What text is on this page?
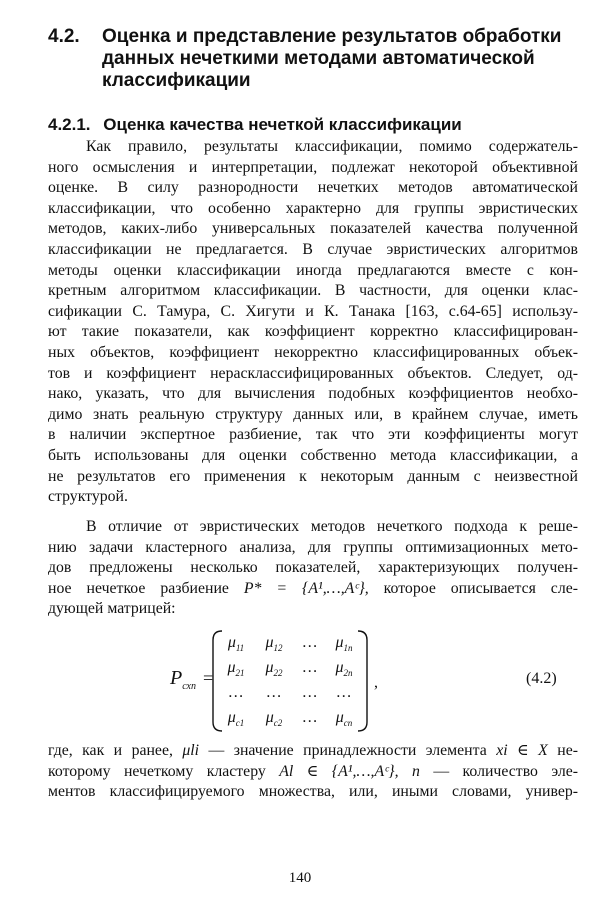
4.2. Оценка и представление результатов обработки
данных нечеткими методами автоматической
классификации
4.2.1. Оценка качества нечеткой классификации
Как правило, результаты классификации, помимо содержатель-
ного осмысления и интерпретации, подлежат некоторой объективной
оценке. В силу разнородности нечетких методов автоматической
классификации, что особенно характерно для группы эвристических
методов, каких-либо универсальных показателей качества полученной
классификации не предлагается. В случае эвристических алгоритмов
методы оценки классификации иногда предлагаются вместе с кон-
кретным алгоритмом классификации. В частности, для оценки клас-
сификации С. Тамура, С. Хигути и К. Танака [163, с.64-65] использу-
ют такие показатели, как коэффициент корректно классифицирован-
ных объектов, коэффициент некорректно классифицированных объек-
тов и коэффициент нерасклассифицированных объектов. Следует, од-
нако, указать, что для вычисления подобных коэффициентов необхо-
димо знать реальную структуру данных или, в крайнем случае, иметь
в наличии экспертное разбиение, так что эти коэффициенты могут
быть использованы для оценки собственно метода классификации, а
не результатов его применения к некоторым данным с неизвестной
структурой.
В отличие от эвристических методов нечеткого подхода к реше-
нию задачи кластерного анализа, для группы оптимизационных мето-
дов предложены несколько показателей, характеризующих получен-
ное нечеткое разбиение P* = {A¹,…,Aᶜ}, которое описывается сле-
дующей матрицей:
$P_{схп}$ =
$\mu_{11}$	$\mu_{12}$	…	$\mu_{1n}$
$\mu_{21}$	$\mu_{22}$	…	$\mu_{2n}$
…	…	…	…
$\mu_{c1}$	$\mu_{c2}$	…	$\mu_{cn}$
,	(4.2)
где, как и ранее, μli — значение принадлежности элемента xi ∈ X не-
которому нечеткому кластеру Al ∈ {A¹,…,Aᶜ}, n — количество эле-
ментов классифицируемого множества, или, иными словами, универ-
140
